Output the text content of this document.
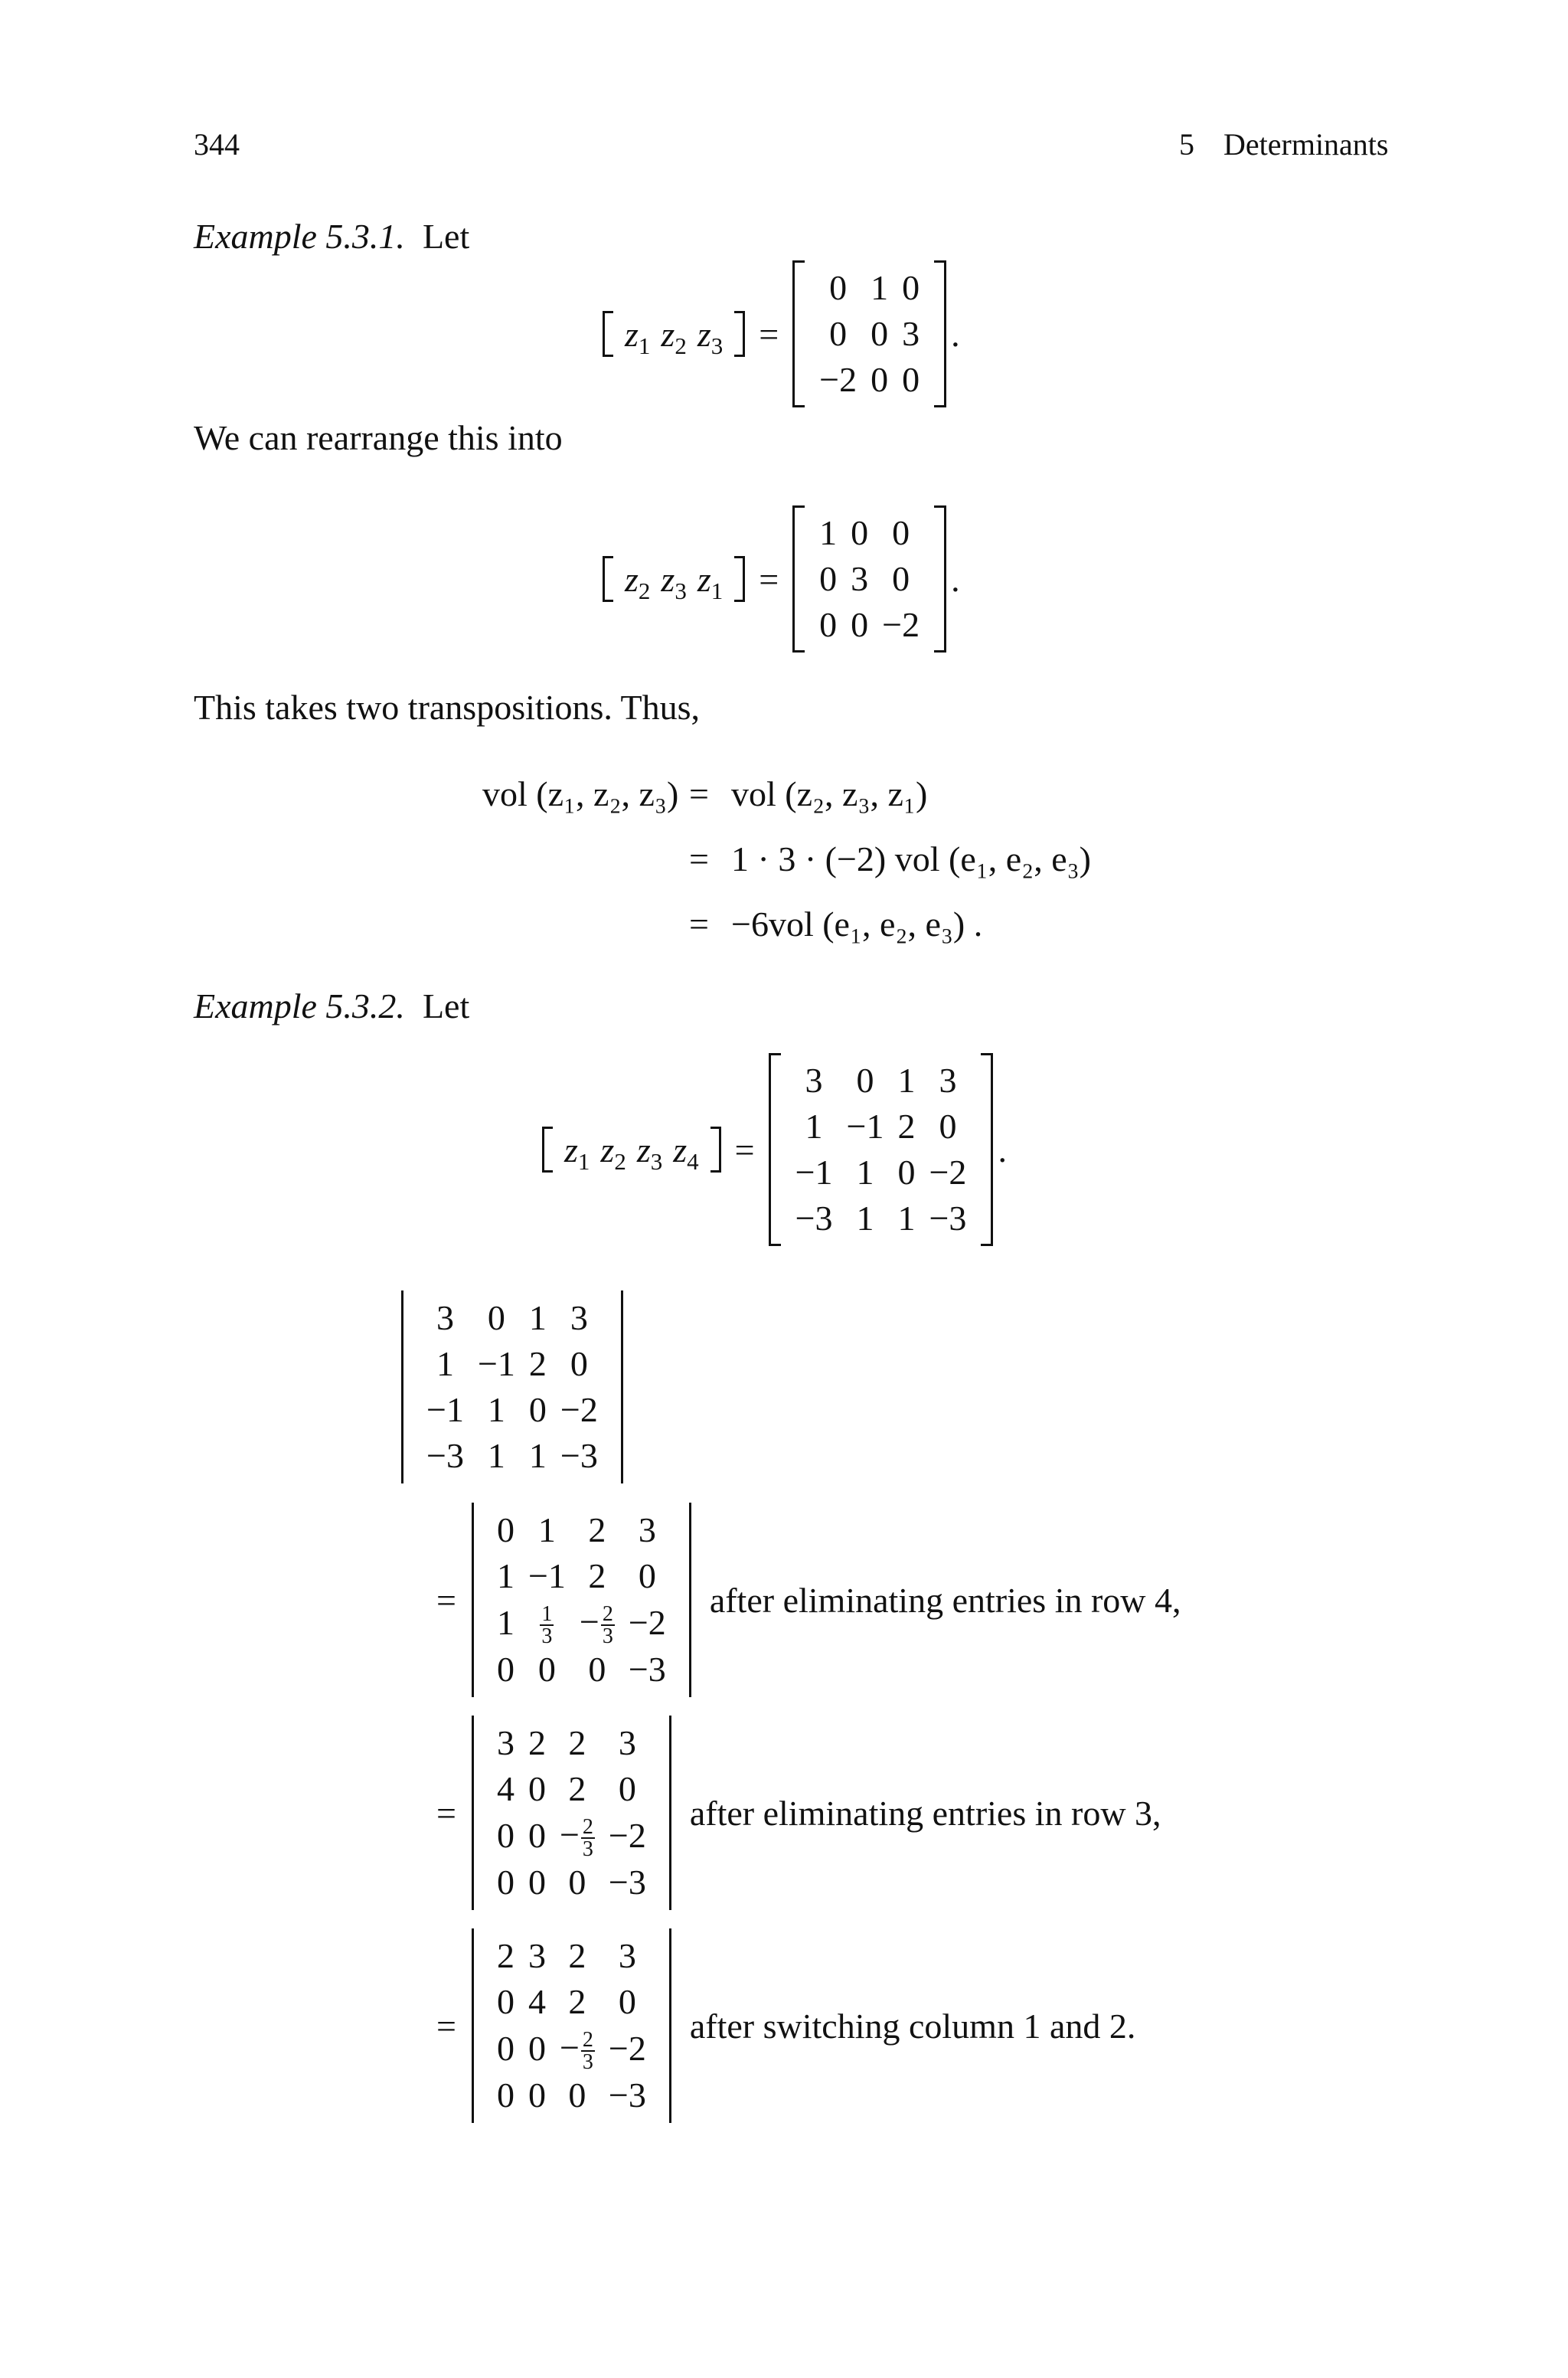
344	5 Determinants
Example 5.3.1. Let
$z_1$ $z_2$ $z_3$ =
0	1	0
0	0	3
−2	0	0
.
We can rearrange this into
$z_2$ $z_3$ $z_1$ =
1	0	0
0	3	0
0	0	−2
.
This takes two transpositions. Thus,
vol (z₁, z₂, z₃) = vol (z₂, z₃, z₁)
= 1 · 3 · (−2) vol (e₁, e₂, e₃)
= −6vol (e₁, e₂, e₃) .
Example 5.3.2. Let
$z_1$ $z_2$ $z_3$ $z_4$ =
3	0	1	3
1	−1	2	0
−1	1	0	−2
−3	1	1	−3
.
3	0	1	3
1	−1	2	0
−1	1	0	−2
−3	1	1	−3
=
0	1	2	3
1	−1	2	0
1	$\frac{1}{3}$	− $\frac{2}{3}$	−2
0	0	0	−3
after eliminating entries in row 4,
=
3	2	2	3
4	0	2	0
0	0	− $\frac{2}{3}$	−2
0	0	0	−3
after eliminating entries in row 3,
=
2	3	2	3
0	4	2	0
0	0	− $\frac{2}{3}$	−2
0	0	0	−3
after switching column 1 and 2.
